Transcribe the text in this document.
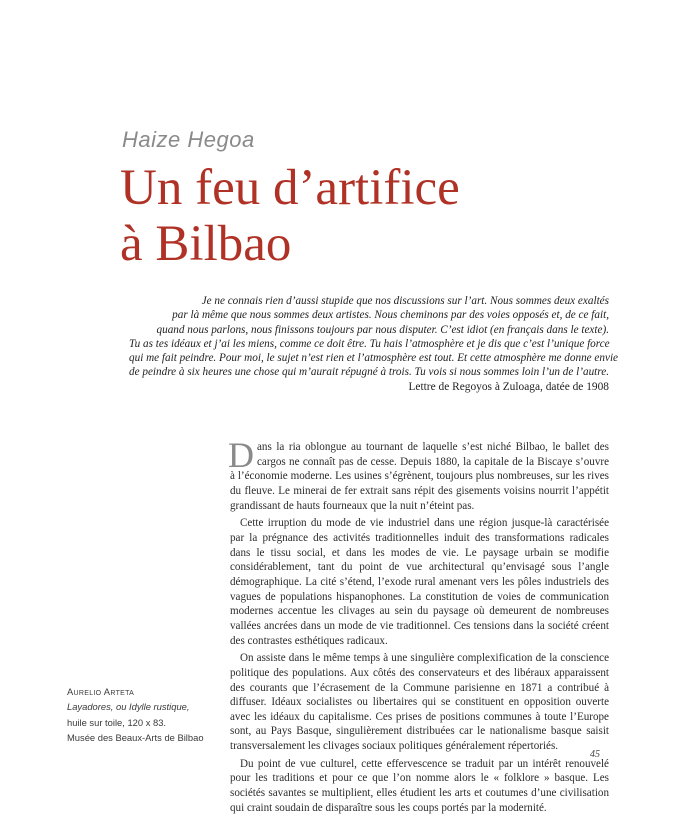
Haize Hegoa
Un feu d’artifice
à Bilbao
Je ne connais rien d’aussi stupide que nos discussions sur l’art. Nous sommes deux exaltés
par là même que nous sommes deux artistes. Nous cheminons par des voies opposés et, de ce fait,
quand nous parlons, nous finissons toujours par nous disputer. C’est idiot (en français dans le texte).
Tu as tes idéaux et j’ai les miens, comme ce doit être. Tu hais l’atmosphère et je dis que c’est l’unique force
qui me fait peindre. Pour moi, le sujet n’est rien et l’atmosphère est tout. Et cette atmosphère me donne envie
de peindre à six heures une chose qui m’aurait répugné à trois. Tu vois si nous sommes loin l’un de l’autre.
Lettre de Regoyos à Zuloaga, datée de 1908

Dans la ria oblongue au tournant de laquelle s’est niché Bilbao, le ballet des cargos ne connaît pas de cesse. Depuis 1880, la capitale de la Biscaye s’ouvre à l’économie moderne. Les usines s’égrènent, toujours plus nombreuses, sur les rives du fleuve. Le minerai de fer extrait sans répit des gisements voisins nourrit l’appétit grandissant de hauts fourneaux que la nuit n’éteint pas.

Cette irruption du mode de vie industriel dans une région jusque-là caractérisée par la prégnance des activités traditionnelles induit des transformations radicales dans le tissu social, et dans les modes de vie. Le paysage urbain se modifie considérablement, tant du point de vue architectural qu’envisagé sous l’angle démographique. La cité s’étend, l’exode rural amenant vers les pôles industriels des vagues de populations hispanophones. La constitution de voies de communication modernes accentue les clivages au sein du paysage où demeurent de nombreuses vallées ancrées dans un mode de vie traditionnel. Ces tensions dans la société créent des contrastes esthétiques radicaux.

On assiste dans le même temps à une singulière complexification de la conscience politique des populations. Aux côtés des conservateurs et des libéraux apparaissent des courants que l’écrasement de la Commune parisienne en 1871 a contribué à diffuser. Idéaux socialistes ou libertaires qui se constituent en opposition ouverte avec les idéaux du capitalisme. Ces prises de positions communes à toute l’Europe sont, au Pays Basque, singulièrement distribuées car le nationalisme basque saisit transversalement les clivages sociaux politiques généralement répertoriés.

Du point de vue culturel, cette effervescence se traduit par un intérêt renouvelé pour les traditions et pour ce que l’on nomme alors le « folklore » basque. Les sociétés savantes se multiplient, elles étudient les arts et coutumes d’une civilisation qui craint soudain de disparaître sous les coups portés par la modernité.

Aurelio Arteta
Layadores, ou Idylle rustique,
huile sur toile, 120 x 83.
Musée des Beaux-Arts de Bilbao
45
